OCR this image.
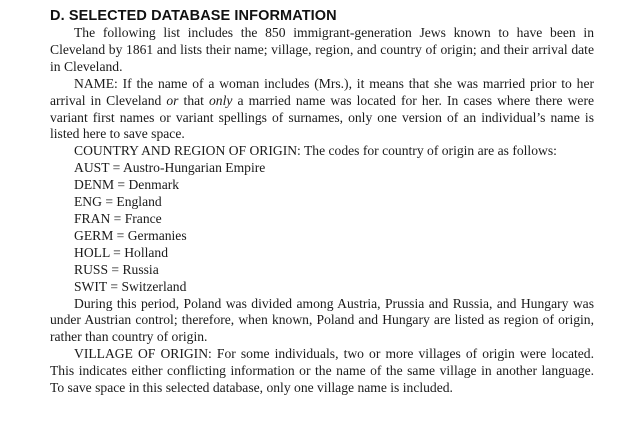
D. SELECTED DATABASE INFORMATION

The following list includes the 850 immigrant-generation Jews known to have been in Cleveland by 1861 and lists their name; village, region, and country of origin; and their arrival date in Cleveland.

NAME: If the name of a woman includes (Mrs.), it means that she was married prior to her arrival in Cleveland or that only a married name was located for her. In cases where there were variant first names or variant spellings of surnames, only one version of an individual’s name is listed here to save space.

COUNTRY AND REGION OF ORIGIN: The codes for country of origin are as follows:

AUST = Austro-Hungarian Empire
DENM = Denmark
ENG = England
FRAN = France
GERM = Germanies
HOLL = Holland
RUSS = Russia
SWIT = Switzerland

During this period, Poland was divided among Austria, Prussia and Russia, and Hungary was under Austrian control; therefore, when known, Poland and Hungary are listed as region of origin, rather than country of origin.

VILLAGE OF ORIGIN: For some individuals, two or more villages of origin were located. This indicates either conflicting information or the name of the same village in another language. To save space in this selected database, only one village name is included.
